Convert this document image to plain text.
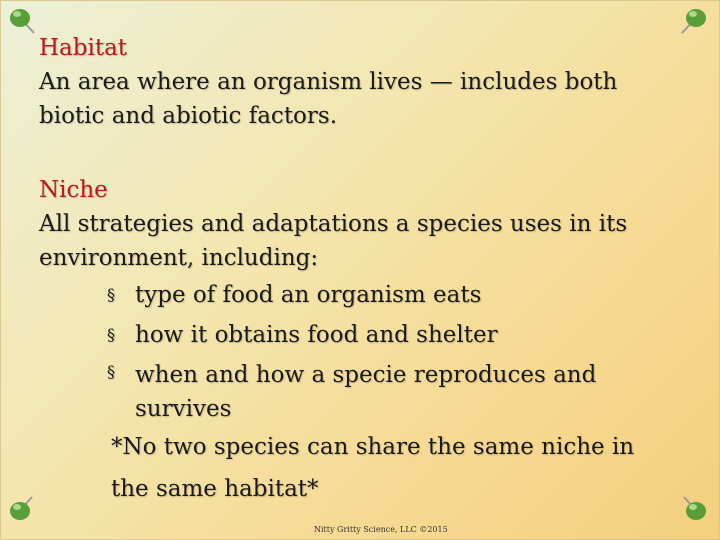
Habitat
An area where an organism lives — includes both biotic and abiotic factors.
Niche
All strategies and adaptations a species uses in its environment, including:
§ type of food an organism eats
§ how it obtains food and shelter
§ when and how a specie reproduces and survives
*No two species can share the same niche in the same habitat*
Nitty Gritty Science, LLC ©2015
